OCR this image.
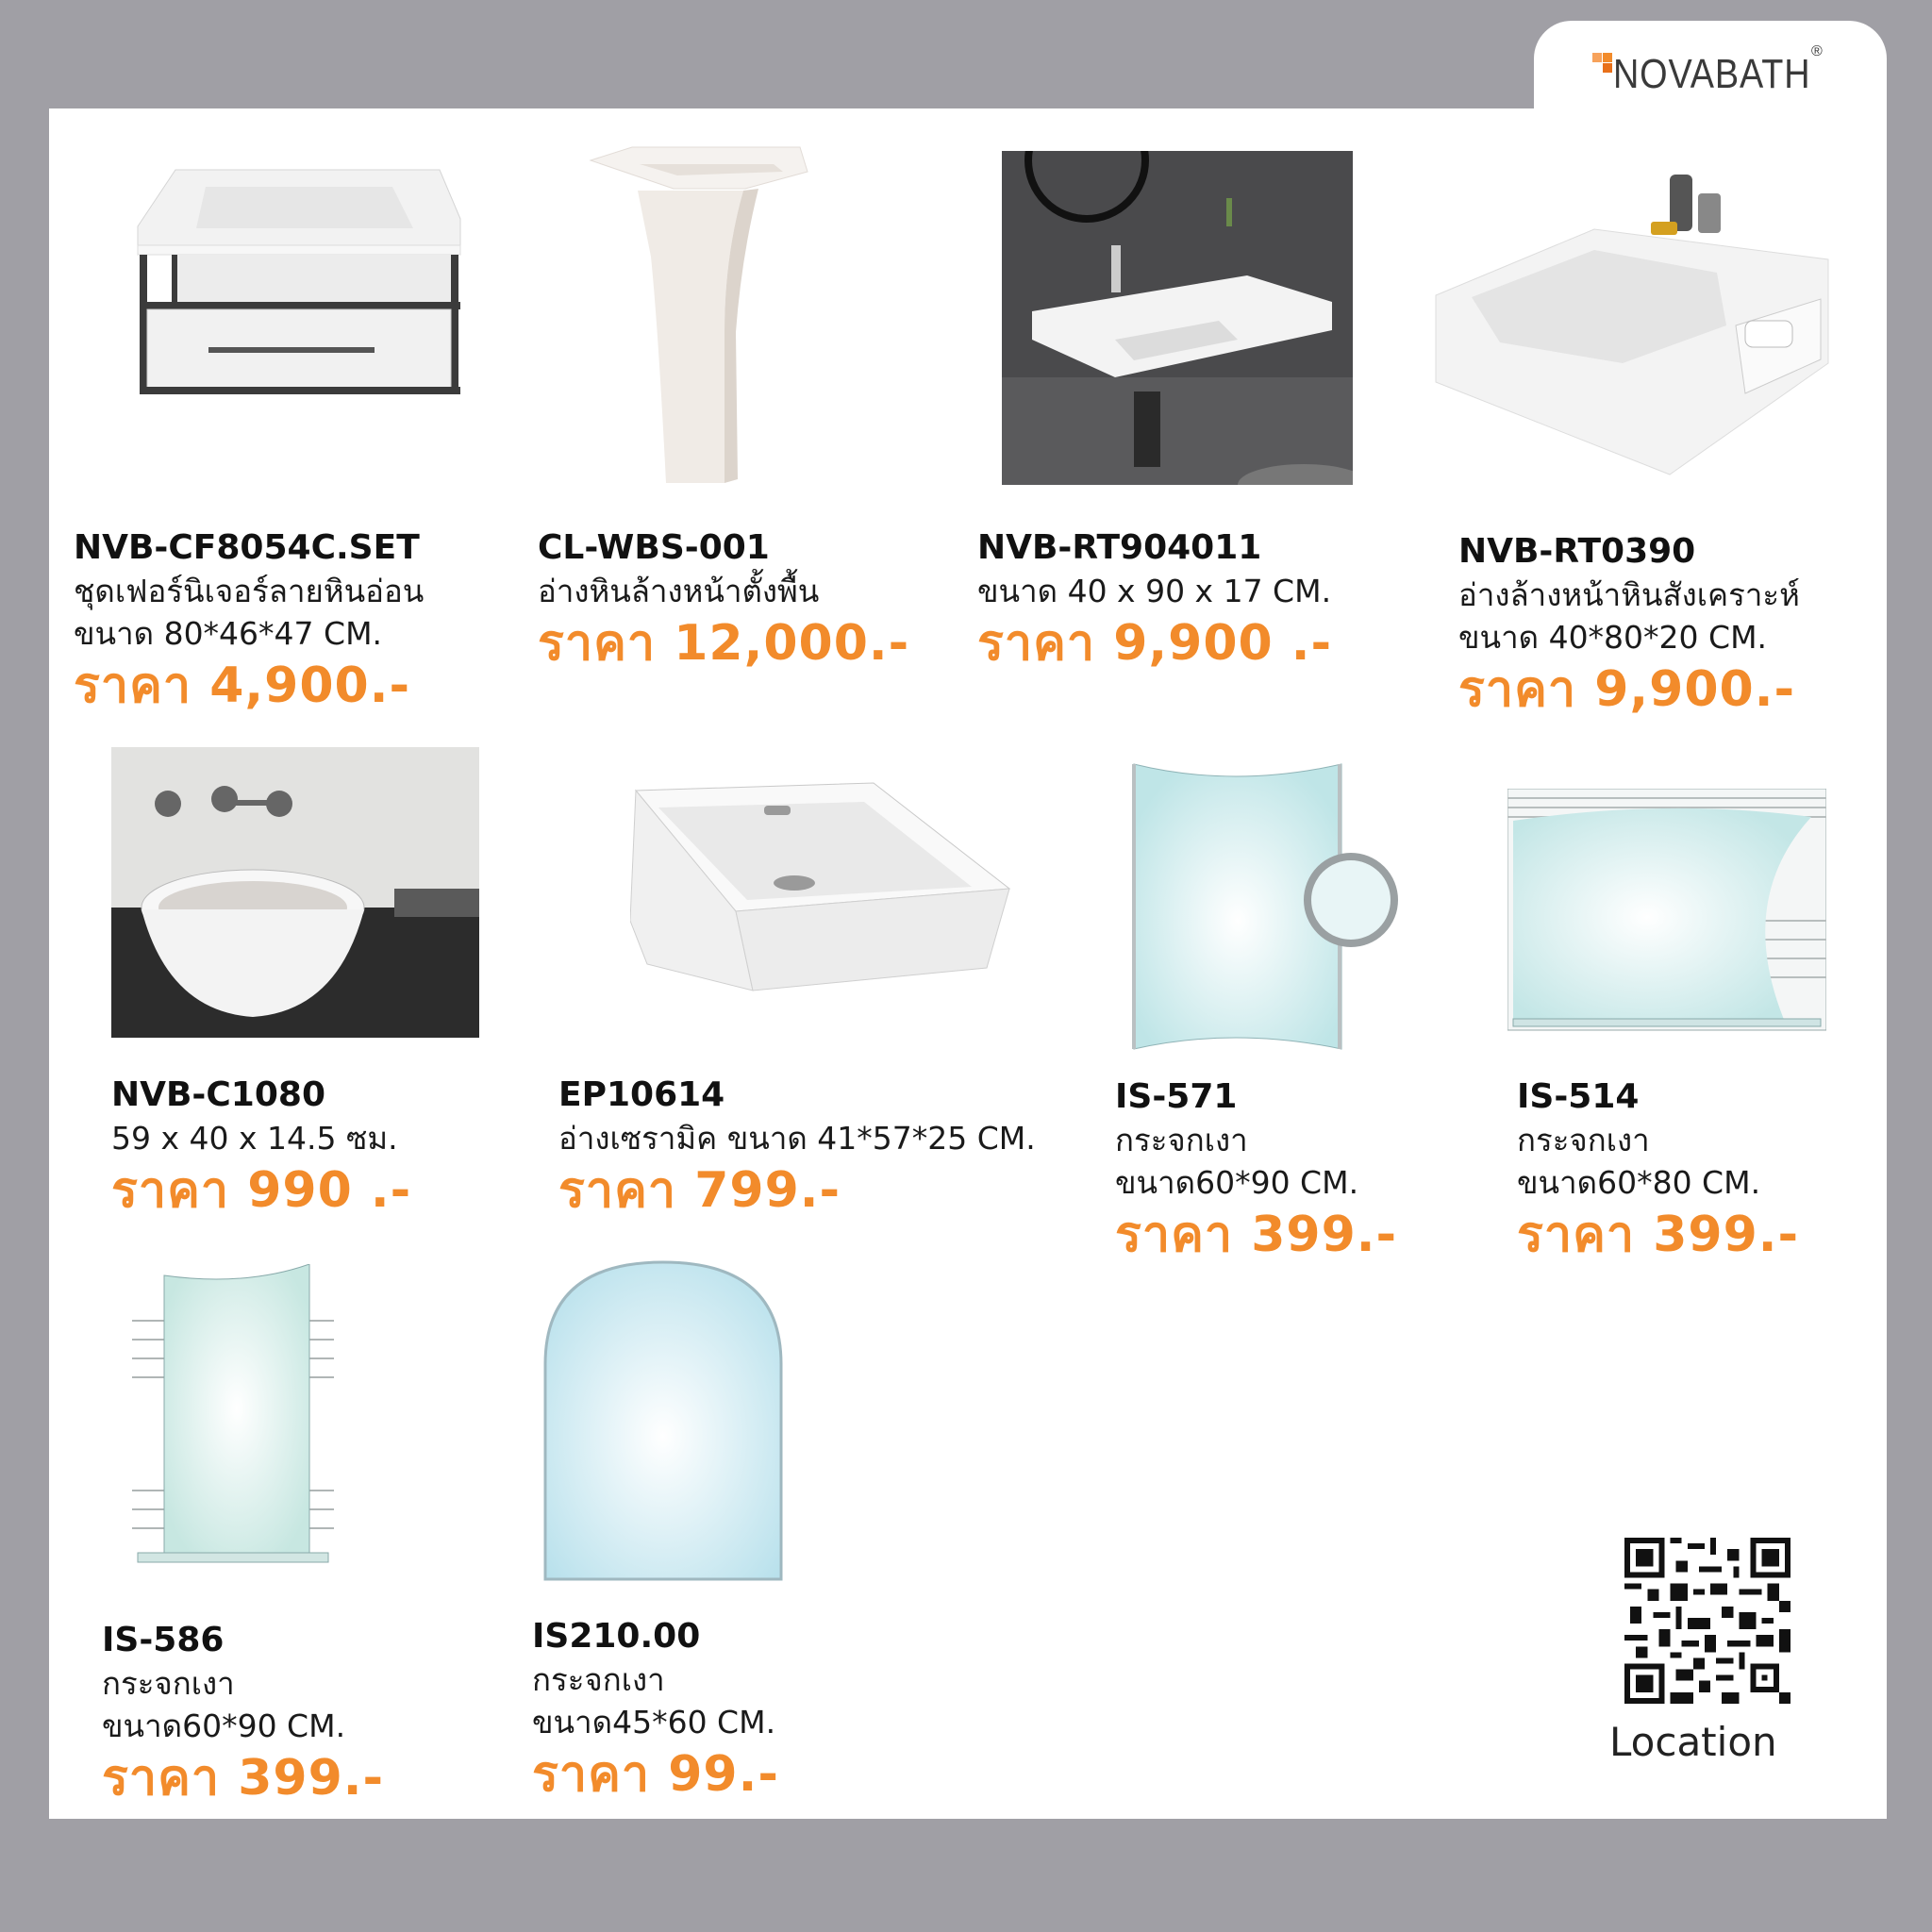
NOVABATH ®
NVB-CF8054C.SET
ชุดเฟอร์นิเจอร์ลายหินอ่อน
ขนาด 80*46*47 CM.
ราคา 4,900.-
CL-WBS-001
อ่างหินล้างหน้าตั้งพื้น
ราคา 12,000.-
NVB-RT904011
ขนาด 40 x 90 x 17 CM.
ราคา 9,900 .-
NVB-RT0390
อ่างล้างหน้าหินสังเคราะห์
ขนาด 40*80*20 CM.
ราคา 9,900.-
NVB-C1080
59 x 40 x 14.5 ซม.
ราคา 990 .-
EP10614
อ่างเซรามิค ขนาด 41*57*25 CM.
ราคา 799.-
IS-571
กระจกเงา
ขนาด60*90 CM.
ราคา 399.-
IS-514
กระจกเงา
ขนาด60*80 CM.
ราคา 399.-
IS-586
กระจกเงา
ขนาด60*90 CM.
ราคา 399.-
IS210.00
กระจกเงา
ขนาด45*60 CM.
ราคา 99.-
Location
